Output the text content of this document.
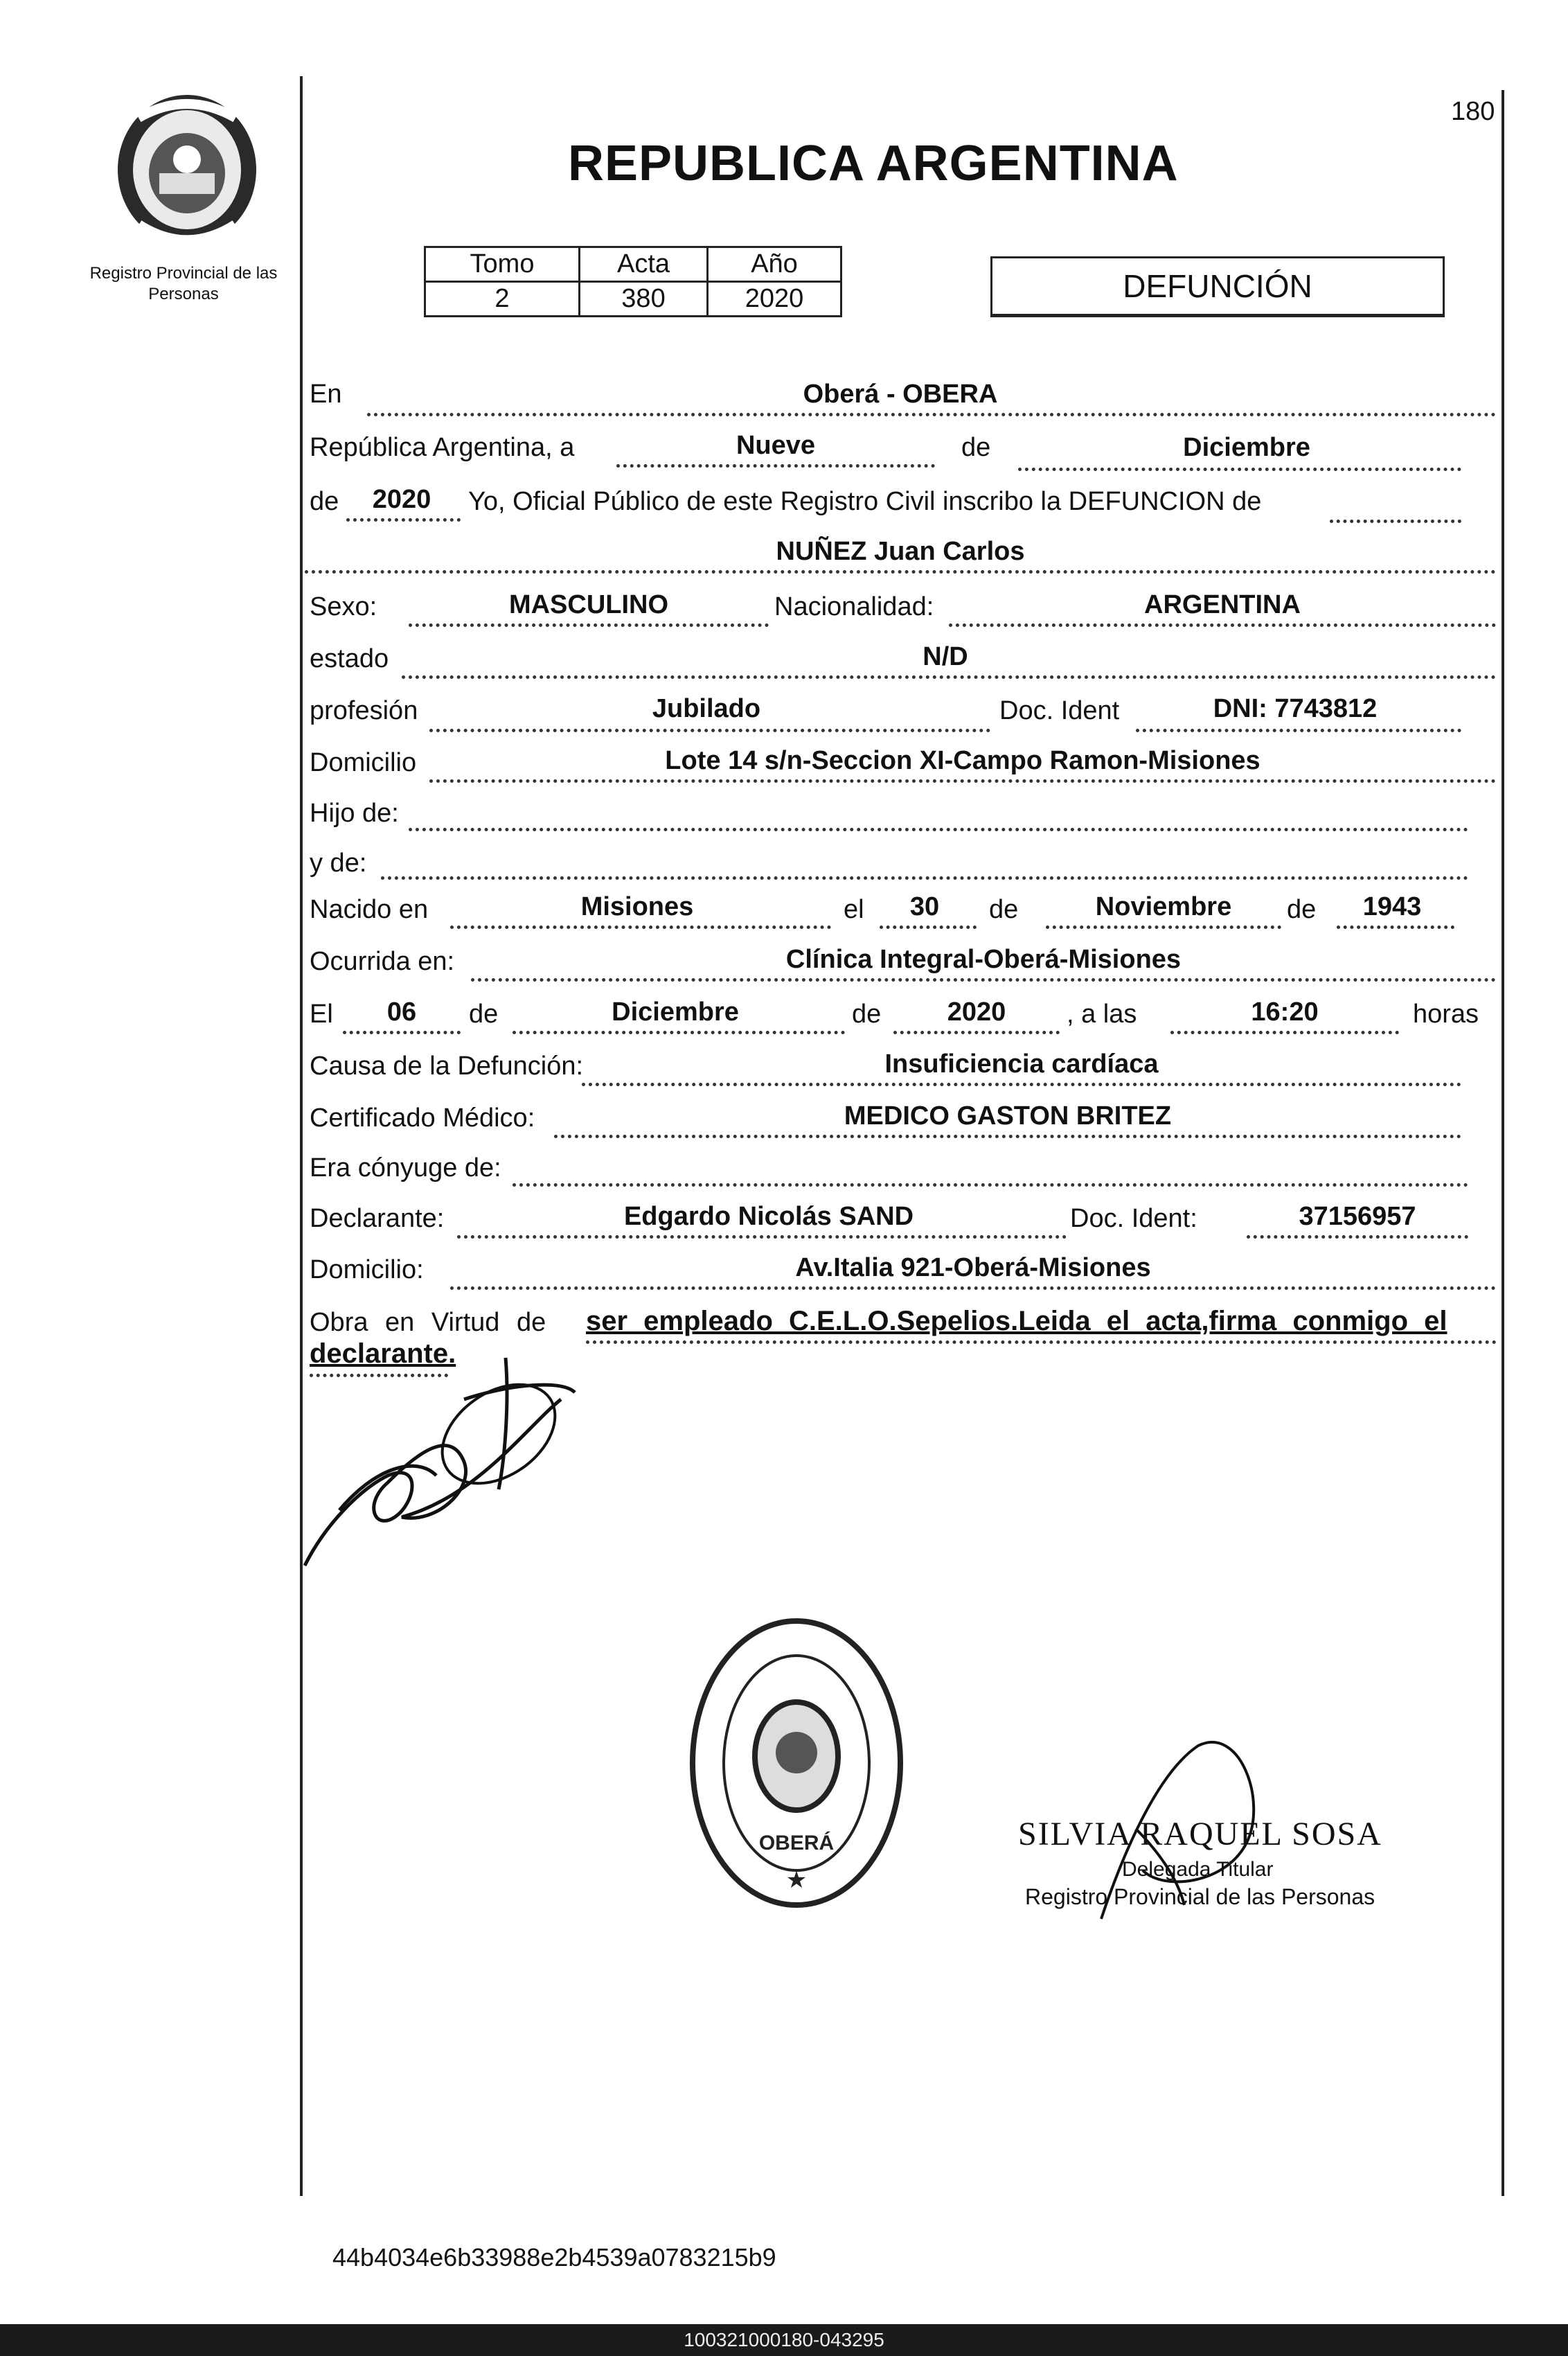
Registro Provincial de las Personas
180
REPUBLICA ARGENTINA
Tomo	Acta	Año
2	380	2020	DEFUNCIÓN
En	Oberá - OBERA
República Argentina, a	Nueve	de	Diciembre
de	2020	Yo, Oficial Público de este Registro Civil inscribo la DEFUNCION de
NUÑEZ Juan Carlos
Sexo:	MASCULINO	Nacionalidad:	ARGENTINA
estado	N/D
profesión	Jubilado	Doc. Ident	DNI: 7743812
Domicilio	Lote 14 s/n-Seccion XI-Campo Ramon-Misiones
Hijo de:
y de:
Nacido en	Misiones	el	30	de	Noviembre	de	1943
Ocurrida en:	Clínica Integral-Oberá-Misiones
El	06	de	Diciembre	de	2020	, a las	16:20	horas
Causa de la Defunción:	Insuficiencia cardíaca
Certificado Médico:	MEDICO GASTON BRITEZ
Era cónyuge de:
Declarante:	Edgardo Nicolás SAND	Doc. Ident:	37156957
Domicilio:	Av.Italia 921-Oberá-Misiones
Obra en Virtud de ser empleado C.E.L.O.Sepelios.Leida el acta,firma conmigo el
declarante.
OBERÁ
★
SILVIA RAQUEL SOSA
Delegada Titular
Registro Provincial de las Personas
44b4034e6b33988e2b4539a0783215b9
100321000180-043295
